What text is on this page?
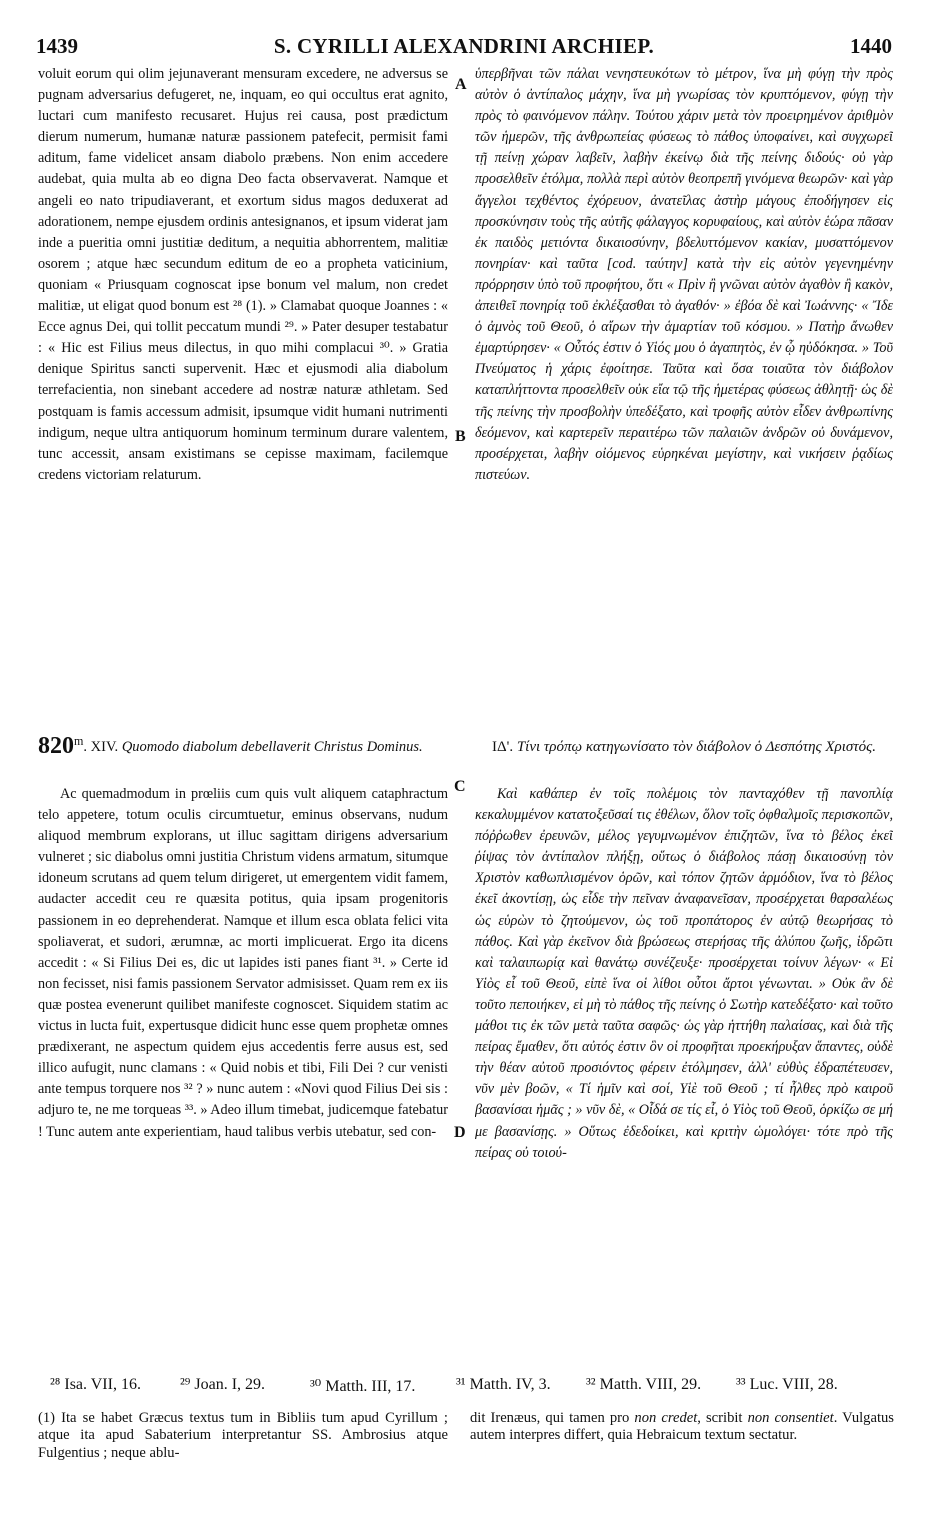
1439	S. CYRILLI ALEXANDRINI ARCHIEP.	1440
A
B
C
D

voluit eorum qui olim jejunaverant mensuram excedere, ne adversus se pugnam adversarius defugeret, ne, inquam, eo qui occultus erat agnito, luctari cum manifesto recusaret. Hujus rei causa, post prædictum dierum numerum, humanæ naturæ passionem patefecit, permisit fami aditum, fame videlicet ansam diabolo præbens. Non enim accedere audebat, quia multa ab eo digna Deo facta observaverat. Namque et angeli eo nato tripudiaverant, et exortum sidus magos deduxerat ad adorationem, nempe ejusdem ordinis antesignanos, et ipsum viderat jam inde a pueritia omni justitiæ deditum, a nequitia abhorrentem, malitiæ osorem ; atque hæc secundum editum de eo a propheta vaticinium, quoniam « Priusquam cognoscat ipse bonum vel malum, non credet malitiæ, ut eligat quod bonum est ²⁸ (1). » Clamabat quoque Joannes : « Ecce agnus Dei, qui tollit peccatum mundi ²⁹. » Pater desuper testabatur : « Hic est Filius meus dilectus, in quo mihi complacui ³⁰. » Gratia denique Spiritus sancti supervenit. Hæc et ejusmodi alia diabolum terrefacientia, non sinebant accedere ad nostræ naturæ athletam. Sed postquam is famis accessum admisit, ipsumque vidit humani nutrimenti indigum, neque ultra antiquorum hominum terminum durare valentem, tunc accessit, ansam existimans se cepisse maximam, facilemque credens victoriam relaturum.

ὑπερβῆναι τῶν πάλαι νενηστευκότων τὸ μέτρον, ἵνα μὴ φύγῃ τὴν πρὸς αὐτὸν ὁ ἀντίπαλος μάχην, ἵνα μὴ γνωρίσας τὸν κρυπτόμενον, φύγῃ τὴν πρὸς τὸ φαινόμενον πάλην. Τούτου χάριν μετὰ τὸν προειρημένον ἀριθμὸν τῶν ἡμερῶν, τῆς ἀνθρωπείας φύσεως τὸ πάθος ὑποφαίνει, καὶ συγχωρεῖ τῇ πείνῃ χώραν λαβεῖν, λαβὴν ἐκείνῳ διὰ τῆς πείνης διδούς· οὐ γὰρ προσελθεῖν ἐτόλμα, πολλὰ περὶ αὐτὸν θεοπρεπῆ γινόμενα θεωρῶν· καὶ γὰρ ἄγγελοι τεχθέντος ἐχόρευον, ἀνατεῖλας ἀστὴρ μάγους ἐποδήγησεν εἰς προσκύνησιν τοὺς τῆς αὐτῆς φάλαγγος κορυφαίους, καὶ αὐτὸν ἑώρα πᾶσαν ἐκ παιδὸς μετιόντα δικαιοσύνην, βδελυττόμενον κακίαν, μυσαττόμενον πονηρίαν· καὶ ταῦτα [cod. ταύτην] κατὰ τὴν εἰς αὐτὸν γεγενημένην πρόρρησιν ὑπὸ τοῦ προφήτου, ὅτι « Πρὶν ἢ γνῶναι αὐτὸν ἀγαθὸν ἢ κακὸν, ἀπειθεῖ πονηρίᾳ τοῦ ἐκλέξασθαι τὸ ἀγαθόν· » ἐβόα δὲ καὶ Ἰωάννης· « Ἴδε ὁ ἀμνὸς τοῦ Θεοῦ, ὁ αἴρων τὴν ἁμαρτίαν τοῦ κόσμου. » Πατὴρ ἄνωθεν ἐμαρτύρησεν· « Οὗτός ἐστιν ὁ Υἱός μου ὁ ἀγαπητὸς, ἐν ᾧ ηὐδόκησα. » Τοῦ Πνεύματος ἡ χάρις ἐφοίτησε. Ταῦτα καὶ ὅσα τοιαῦτα τὸν διάβολον καταπλήττοντα προσελθεῖν οὐκ εἴα τῷ τῆς ἡμετέρας φύσεως ἀθλητῇ· ὡς δὲ τῆς πείνης τὴν προσβολὴν ὑπεδέξατο, καὶ τροφῆς αὐτὸν εἶδεν ἀνθρωπίνης δεόμενον, καὶ καρτερεῖν περαιτέρω τῶν παλαιῶν ἀνδρῶν οὐ δυνάμενον, προσέρχεται, λαβὴν οἰόμενος εὑρηκέναι μεγίστην, καὶ νικήσειν ῥᾳδίως πιστεύων.

820$^m$. XIV. Quomodo diabolum debellaverit Christus Dominus.	ΙΔ'. Τίνι τρόπῳ κατηγωνίσατο τὸν διάβολον ὁ Δεσπότης Χριστός.

Ac quemadmodum in prœliis cum quis vult aliquem cataphractum telo appetere, totum oculis circumtuetur, eminus observans, nudum aliquod membrum explorans, ut illuc sagittam dirigens adversarium vulneret ; sic diabolus omni justitia Christum videns armatum, situmque idoneum scrutans ad quem telum dirigeret, ut emergentem vidit famem, audacter accedit ceu re quæsita potitus, quia ipsam progenitoris passionem in eo deprehenderat. Namque et illum esca oblata felici vita spoliaverat, et sudori, ærumnæ, ac morti implicuerat. Ergo ita dicens accedit : « Si Filius Dei es, dic ut lapides isti panes fiant ³¹. » Certe id non fecisset, nisi famis passionem Servator admisisset. Quam rem ex iis quæ postea evenerunt quilibet manifeste cognoscet. Siquidem statim ac victus in lucta fuit, expertusque didicit hunc esse quem prophetæ omnes prædixerant, ne aspectum quidem ejus accedentis ferre ausus est, sed illico aufugit, nunc clamans : « Quid nobis et tibi, Fili Dei ? cur venisti ante tempus torquere nos ³² ? » nunc autem : «Novi quod Filius Dei sis : adjuro te, ne me torqueas ³³. » Adeo illum timebat, judicemque fatebatur ! Tunc autem ante experientiam, haud talibus verbis utebatur, sed con-

Καὶ καθάπερ ἐν τοῖς πολέμοις τὸν πανταχόθεν τῇ πανοπλίᾳ κεκαλυμμένον κατατοξεῦσαί τις ἐθέλων, ὅλον τοῖς ὀφθαλμοῖς περισκοπῶν, πόῤῥωθεν ἐρευνῶν, μέλος γεγυμνωμένον ἐπιζητῶν, ἵνα τὸ βέλος ἐκεῖ ῥίψας τὸν ἀντίπαλον πλήξῃ, οὕτως ὁ διάβολος πάσῃ δικαιοσύνῃ τὸν Χριστὸν καθωπλισμένον ὁρῶν, καὶ τόπον ζητῶν ἁρμόδιον, ἵνα τὸ βέλος ἐκεῖ ἀκοντίσῃ, ὡς εἶδε τὴν πεῖναν ἀναφανεῖσαν, προσέρχεται θαρσαλέως ὡς εὑρὼν τὸ ζητούμενον, ὡς τοῦ προπάτορος ἐν αὐτῷ θεωρήσας τὸ πάθος. Καὶ γὰρ ἐκεῖνον διὰ βρώσεως στερήσας τῆς ἀλύπου ζωῆς, ἱδρῶτι καὶ ταλαιπωρίᾳ καὶ θανάτῳ συνέζευξε· προσέρχεται τοίνυν λέγων· « Εἰ Υἱὸς εἶ τοῦ Θεοῦ, εἰπὲ ἵνα οἱ λίθοι οὗτοι ἄρτοι γένωνται. » Οὐκ ἂν δὲ τοῦτο πεποιήκεν, εἰ μὴ τὸ πάθος τῆς πείνης ὁ Σωτὴρ κατεδέξατο· καὶ τοῦτο μάθοι τις ἐκ τῶν μετὰ ταῦτα σαφῶς· ὡς γὰρ ἡττήθη παλαίσας, καὶ διὰ τῆς πείρας ἔμαθεν, ὅτι αὐτός ἐστιν ὃν οἱ προφῆται προεκήρυξαν ἅπαντες, οὐδὲ τὴν θέαν αὐτοῦ προσιόντος φέρειν ἐτόλμησεν, ἀλλ' εὐθὺς ἐδραπέτευσεν, νῦν μὲν βοῶν, « Τί ἡμῖν καὶ σοί, Υἱὲ τοῦ Θεοῦ ; τί ἦλθες πρὸ καιροῦ βασανίσαι ἡμᾶς ; » νῦν δὲ, « Οἶδά σε τίς εἶ, ὁ Υἱὸς τοῦ Θεοῦ, ὁρκίζω σε μή με βασανίσῃς. » Οὕτως ἐδεδοίκει, καὶ κριτὴν ὡμολόγει· τότε πρὸ τῆς πείρας οὐ τοιού-

²⁸ Isa. VII, 16. ²⁹ Joan. I, 29.	³⁰ Matth. III, 17.	³¹ Matth. IV, 3. ³² Matth. VIII, 29. ³³ Luc. VIII, 28.
(1) Ita se habet Græcus textus tum in Bibliis tum apud Cyrillum ; atque ita apud Sabaterium interpretantur SS. Ambrosius atque Fulgentius ; neque ablu-
dit Irenæus, qui tamen pro non credet, scribit non consentiet. Vulgatus autem interpres differt, quia Hebraicum textum sectatur.
